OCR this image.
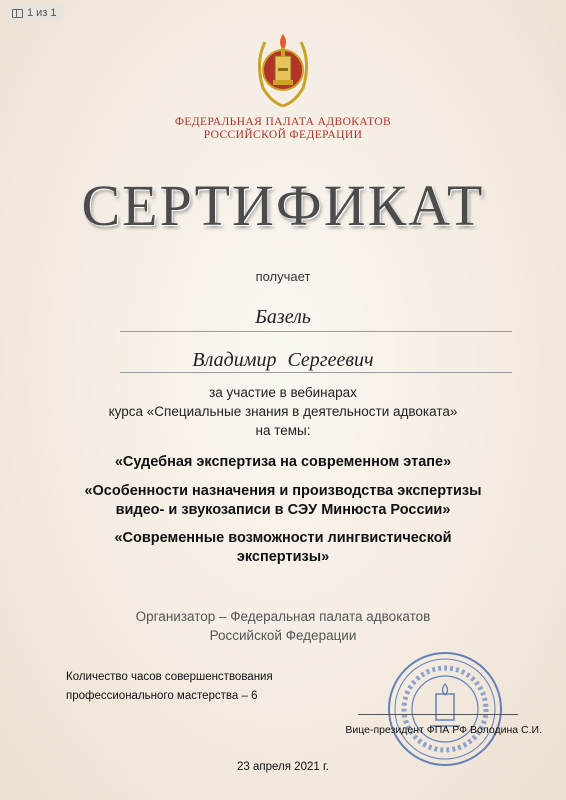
1 из 1
ФЕДЕРАЛЬНАЯ ПАЛАТА АДВОКАТОВ
РОССИЙСКОЙ ФЕДЕРАЦИИ
СЕРТИФИКАТ
получает
Базель
Владимир Сергеевич
за участие в вебинарах
курса «Специальные знания в деятельности адвоката»
на темы:
«Судебная экспертиза на современном этапе»
«Особенности назначения и производства экспертизы
видео- и звукозаписи в СЭУ Минюста России»
«Современные возможности лингвистической
экспертизы»
Организатор – Федеральная палата адвокатов
Российской Федерации
Количество часов совершенствования
профессионального мастерства – 6
Вице-президент ФПА РФ Володина С.И.
23 апреля 2021 г.
